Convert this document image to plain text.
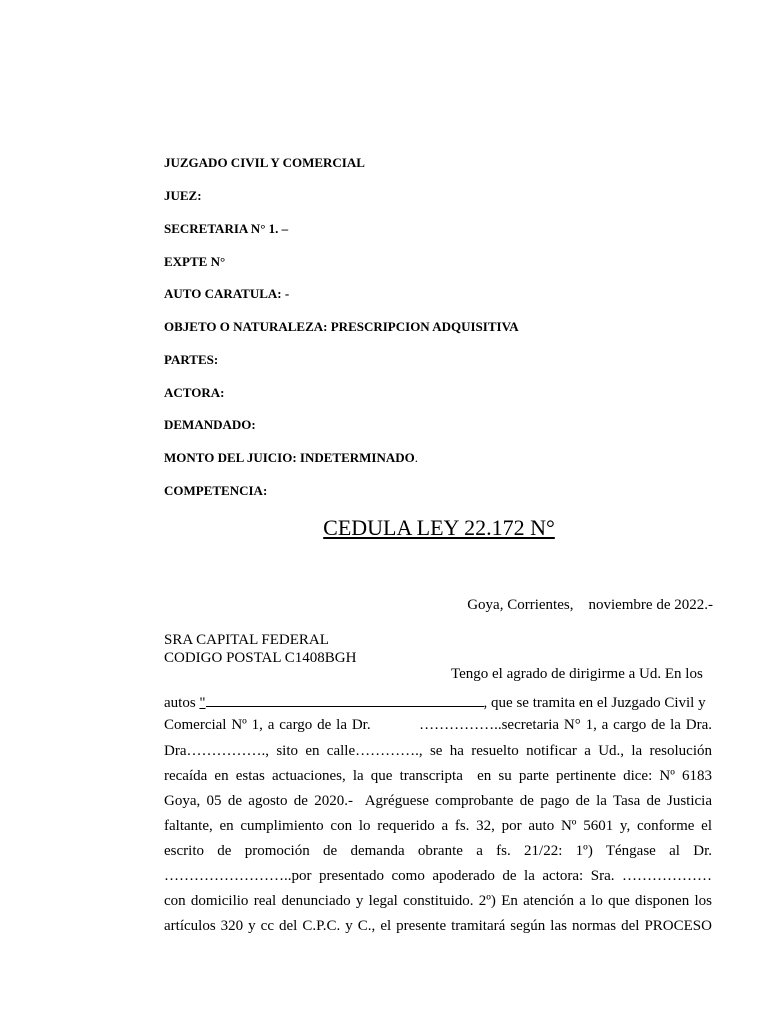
JUZGADO CIVIL Y COMERCIAL
JUEZ:
SECRETARIA N° 1. –
EXPTE N°
AUTO CARATULA: -
OBJETO O NATURALEZA: PRESCRIPCION ADQUISITIVA
PARTES:
ACTORA:
DEMANDADO:
MONTO DEL JUICIO: INDETERMINADO.
COMPETENCIA:
CEDULA LEY 22.172 N°
Goya, Corrientes,    noviembre de 2022.-
SRA CAPITAL FEDERAL
CODIGO POSTAL C1408BGH
Tengo el agrado de dirigirme a Ud. En los
autos "	, que se tramita en el Juzgado Civil y
Comercial Nº 1, a cargo de la Dr.          ……………..secretaria N° 1, a cargo de la Dra.
Dra……………., sito en calle…………., se ha resuelto notificar a Ud., la resolución
recaída en estas actuaciones, la que transcripta  en su parte pertinente dice: Nº 6183
Goya, 05 de agosto de 2020.-  Agréguese comprobante de pago de la Tasa de Justicia
faltante, en cumplimiento con lo requerido a fs. 32, por auto Nº 5601 y, conforme el
escrito de promoción de demanda obrante a fs. 21/22: 1º) Téngase al Dr.
……………………..por presentado como apoderado de la actora: Sra. ………………
con domicilio real denunciado y legal constituido. 2º) En atención a lo que disponen los
artículos 320 y cc del C.P.C. y C., el presente tramitará según las normas del PROCESO
